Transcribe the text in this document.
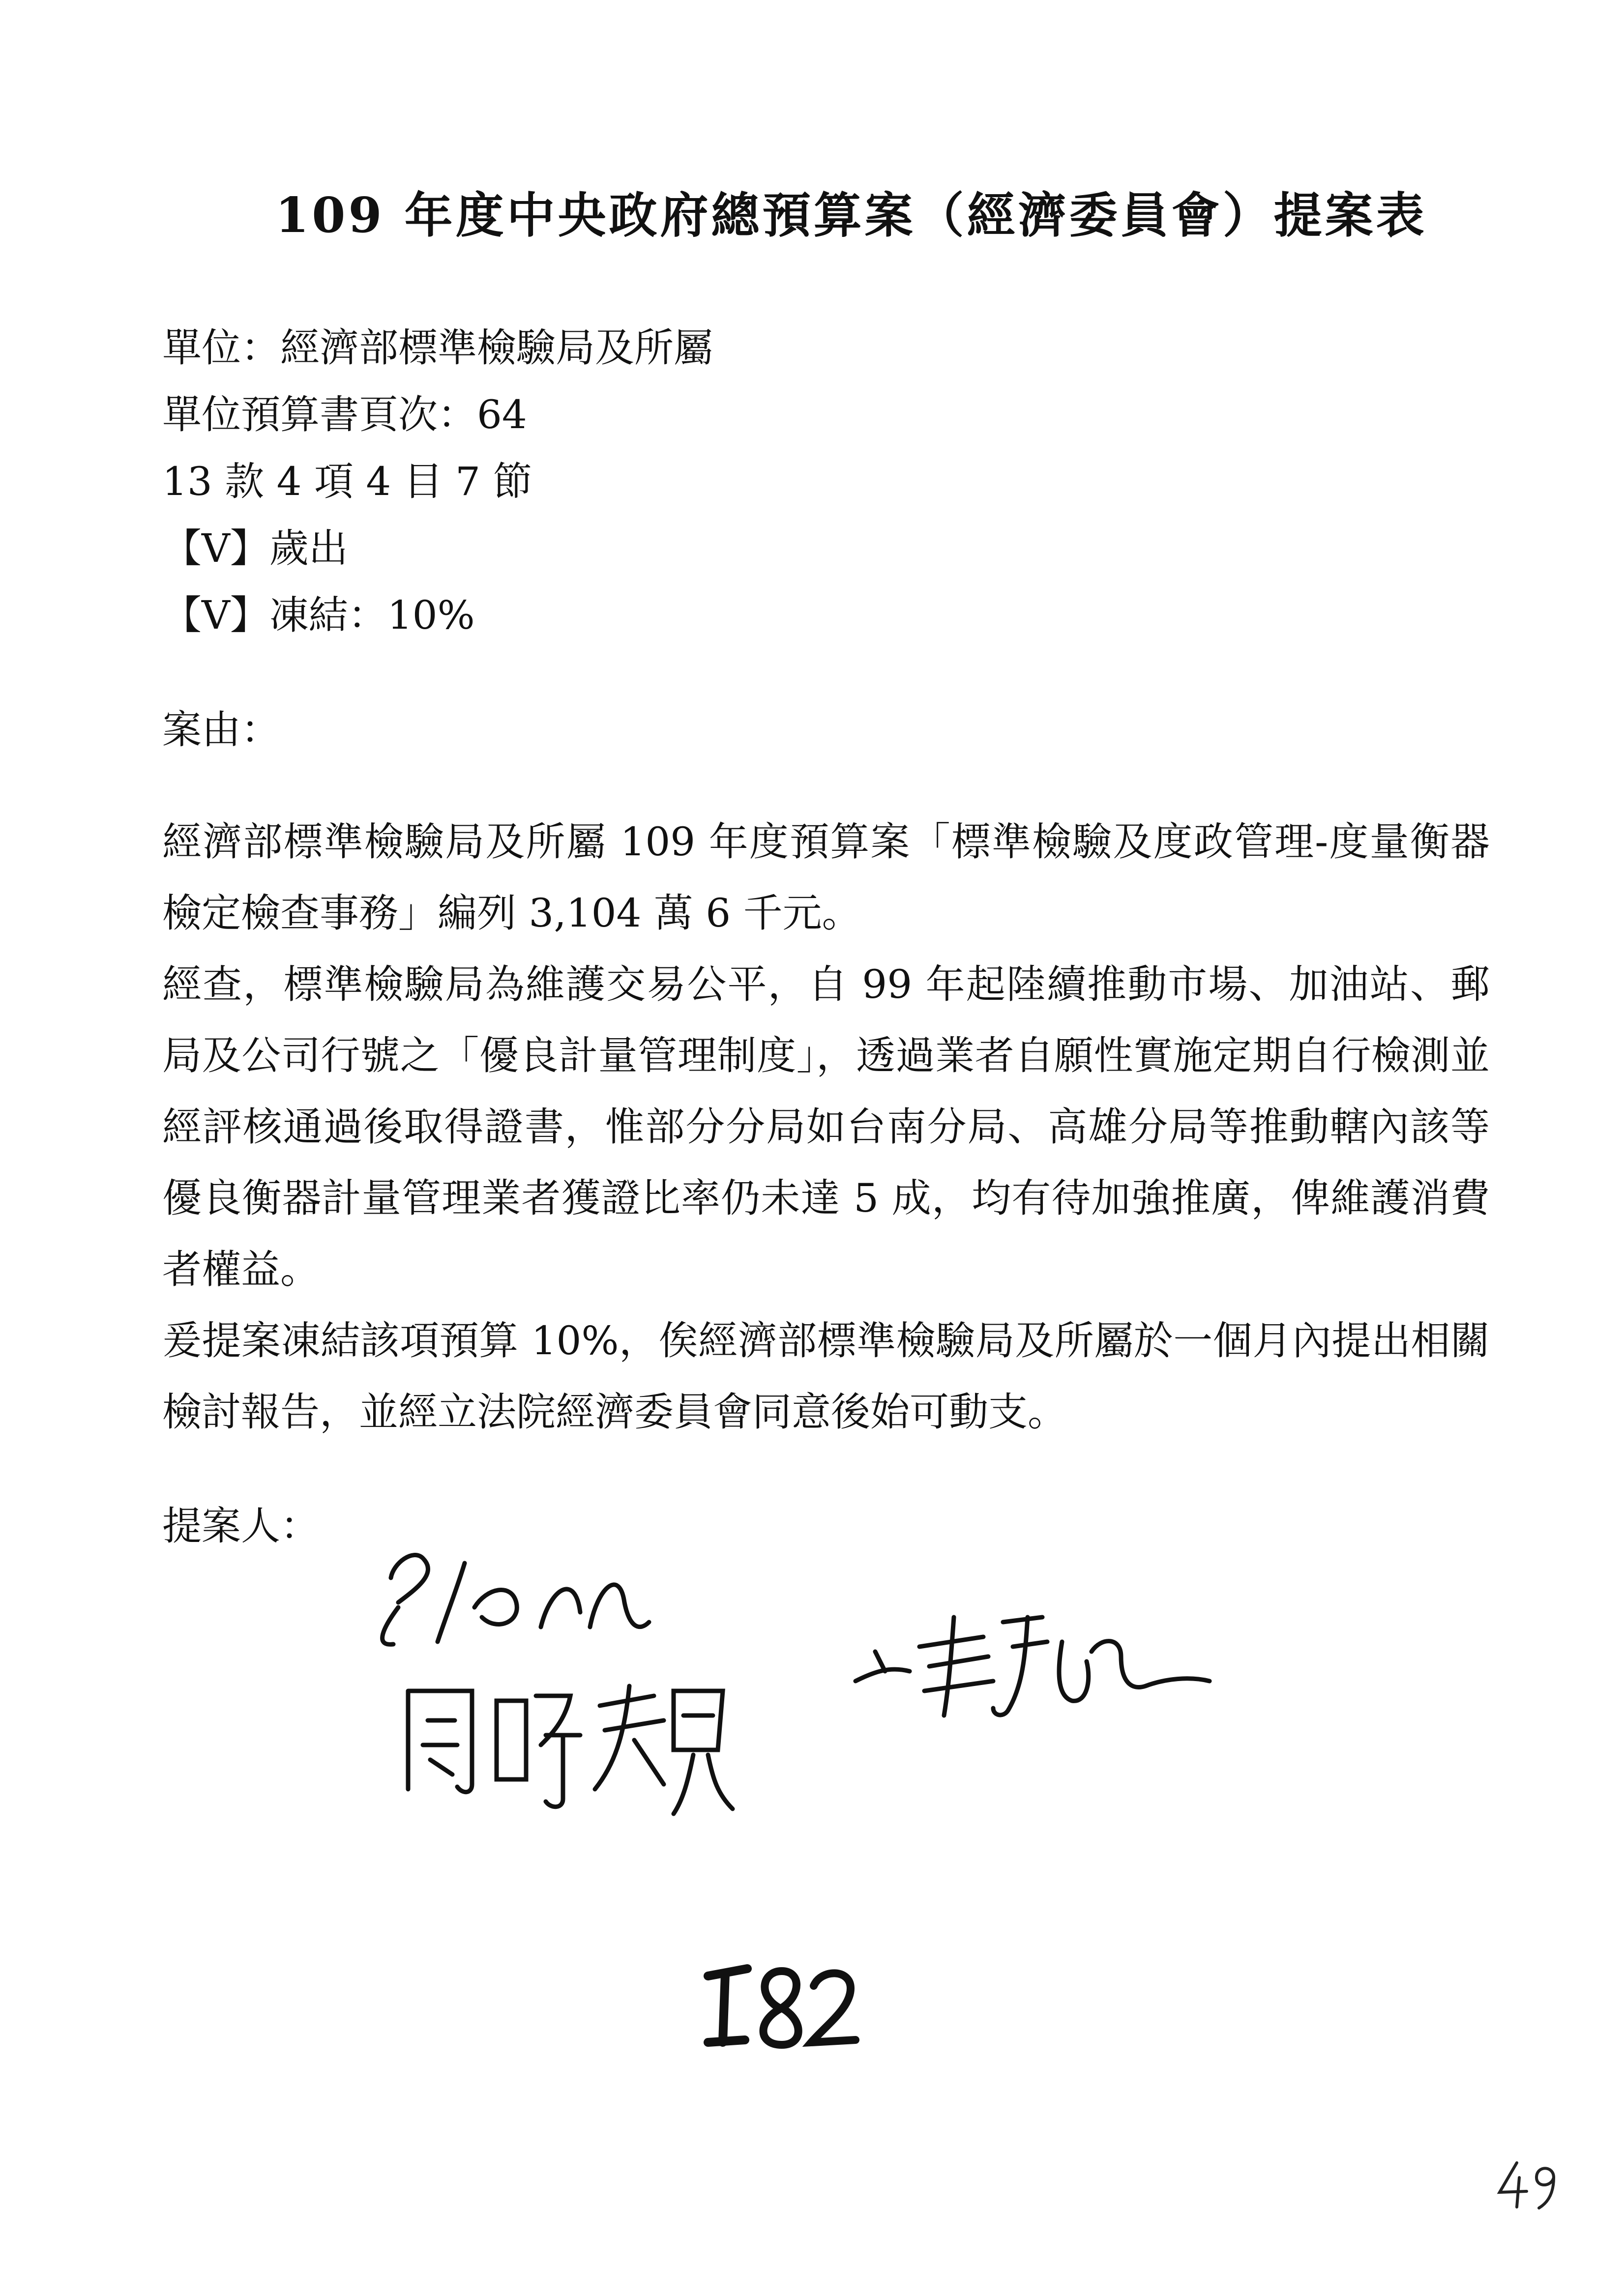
109 年度中央政府總預算案（經濟委員會）提案表
單位：經濟部標準檢驗局及所屬
單位預算書頁次：64
13 款 4 項 4 目 7 節
【V】歲出
【V】凍結：10%
案由：

經濟部標準檢驗局及所屬 109 年度預算案「標準檢驗及度政管理-度量衡器檢定檢查事務」編列 3,104 萬 6 千元。

經查，標準檢驗局為維護交易公平，自 99 年起陸續推動市場、加油站、郵局及公司行號之「優良計量管理制度」，透過業者自願性實施定期自行檢測並經評核通過後取得證書，惟部分分局如台南分局、高雄分局等推動轄內該等優良衡器計量管理業者獲證比率仍未達 5 成，均有待加強推廣，俾維護消費者權益。

爰提案凍結該項預算 10%，俟經濟部標準檢驗局及所屬於一個月內提出相關檢討報告，並經立法院經濟委員會同意後始可動支。

提案人：
